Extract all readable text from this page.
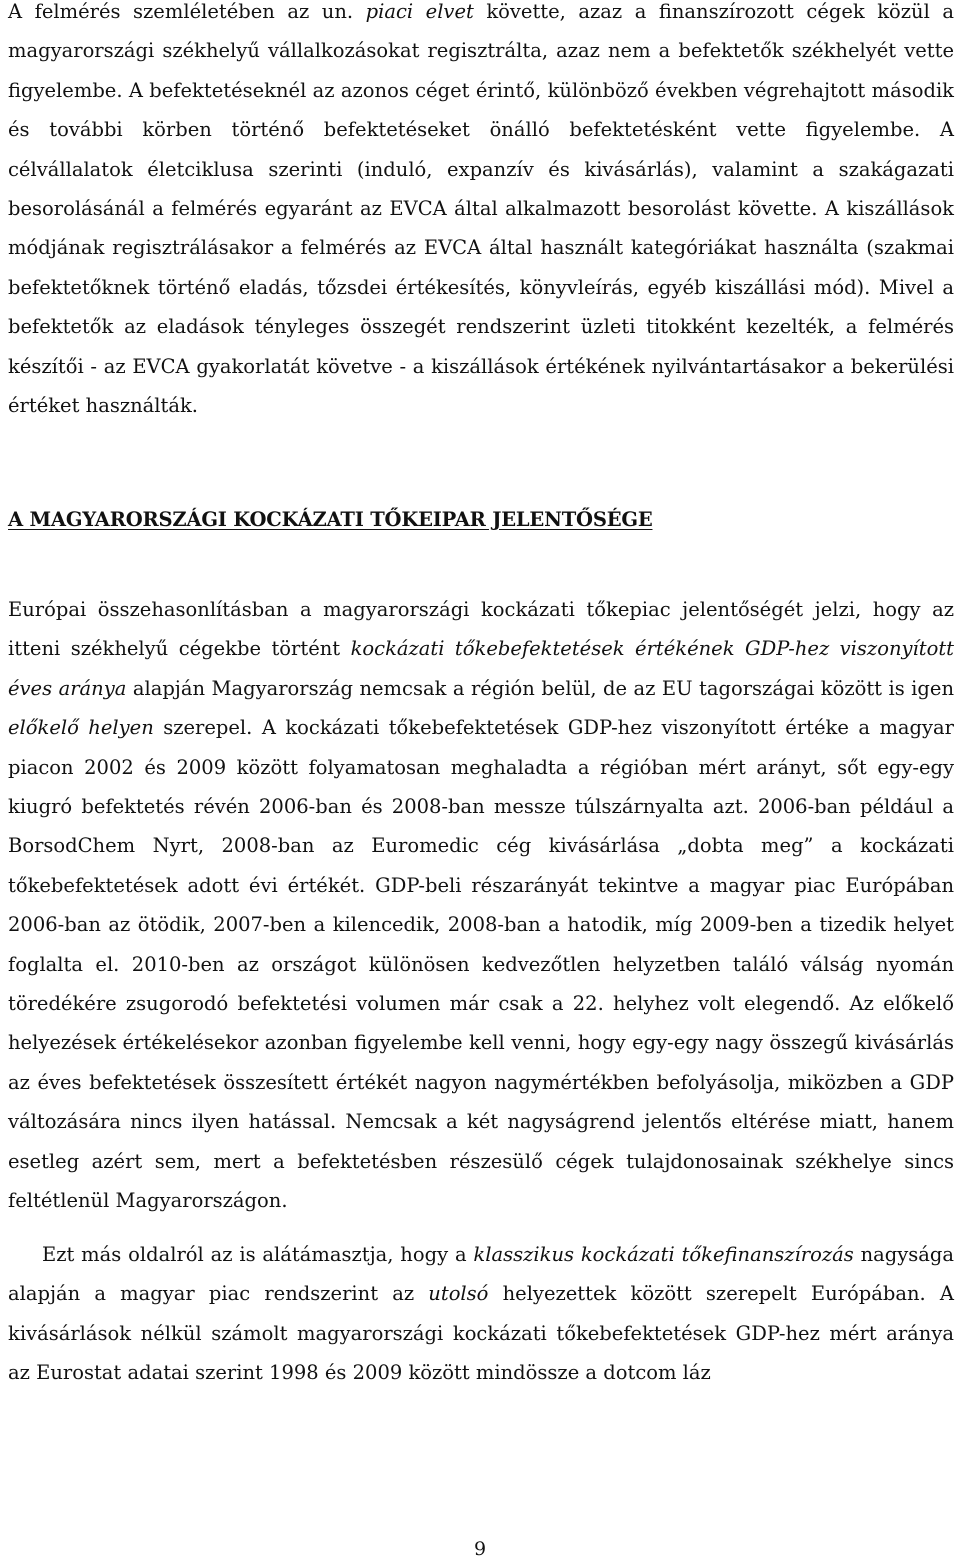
A felmérés szemléletében az un. piaci elvet követte, azaz a finanszírozott cégek közül a magyarországi székhelyű vállalkozásokat regisztrálta, azaz nem a befektetők székhelyét vette figyelembe. A befektetéseknél az azonos céget érintő, különböző években végrehajtott második és további körben történő befektetéseket önálló befektetésként vette figyelembe. A célvállalatok életciklusa szerinti (induló, expanzív és kivásárlás), valamint a szakágazati besorolásánál a felmérés egyaránt az EVCA által alkalmazott besorolást követte. A kiszállások módjának regisztrálásakor a felmérés az EVCA által használt kategóriákat használta (szakmai befektetőknek történő eladás, tőzsdei értékesítés, könyvleírás, egyéb kiszállási mód). Mivel a befektetők az eladások tényleges összegét rendszerint üzleti titokként kezelték, a felmérés készítői - az EVCA gyakorlatát követve - a kiszállások értékének nyilvántartásakor a bekerülési értéket használták.

Európai összehasonlításban a magyarországi kockázati tőkepiac jelentőségét jelzi, hogy az itteni székhelyű cégekbe történt kockázati tőkebefektetések értékének GDP-hez viszonyított éves aránya alapján Magyarország nemcsak a régión belül, de az EU tagországai között is igen előkelő helyen szerepel. A kockázati tőkebefektetések GDP-hez viszonyított értéke a magyar piacon 2002 és 2009 között folyamatosan meghaladta a régióban mért arányt, sőt egy-egy kiugró befektetés révén 2006-ban és 2008-ban messze túlszárnyalta azt. 2006-ban például a BorsodChem Nyrt, 2008-ban az Euromedic cég kivásárlása „dobta meg” a kockázati tőkebefektetések adott évi értékét. GDP-beli részarányát tekintve a magyar piac Európában 2006-ban az ötödik, 2007-ben a kilencedik, 2008-ban a hatodik, míg 2009-ben a tizedik helyet foglalta el. 2010-ben az országot különösen kedvezőtlen helyzetben találó válság nyomán töredékére zsugorodó befektetési volumen már csak a 22. helyhez volt elegendő. Az előkelő helyezések értékelésekor azonban figyelembe kell venni, hogy egy-egy nagy összegű kivásárlás az éves befektetések összesített értékét nagyon nagymértékben befolyásolja, miközben a GDP változására nincs ilyen hatással. Nemcsak a két nagyságrend jelentős eltérése miatt, hanem esetleg azért sem, mert a befektetésben részesülő cégek tulajdonosainak székhelye sincs feltétlenül Magyarországon.

Ezt más oldalról az is alátámasztja, hogy a klasszikus kockázati tőkefinanszírozás nagysága alapján a magyar piac rendszerint az utolsó helyezettek között szerepelt Európában. A kivásárlások nélkül számolt magyarországi kockázati tőkebefektetések GDP-hez mért aránya az Eurostat adatai szerint 1998 és 2009 között mindössze a dotcom láz

A MAGYARORSZÁGI KOCKÁZATI TŐKEIPAR JELENTŐSÉGE
9
